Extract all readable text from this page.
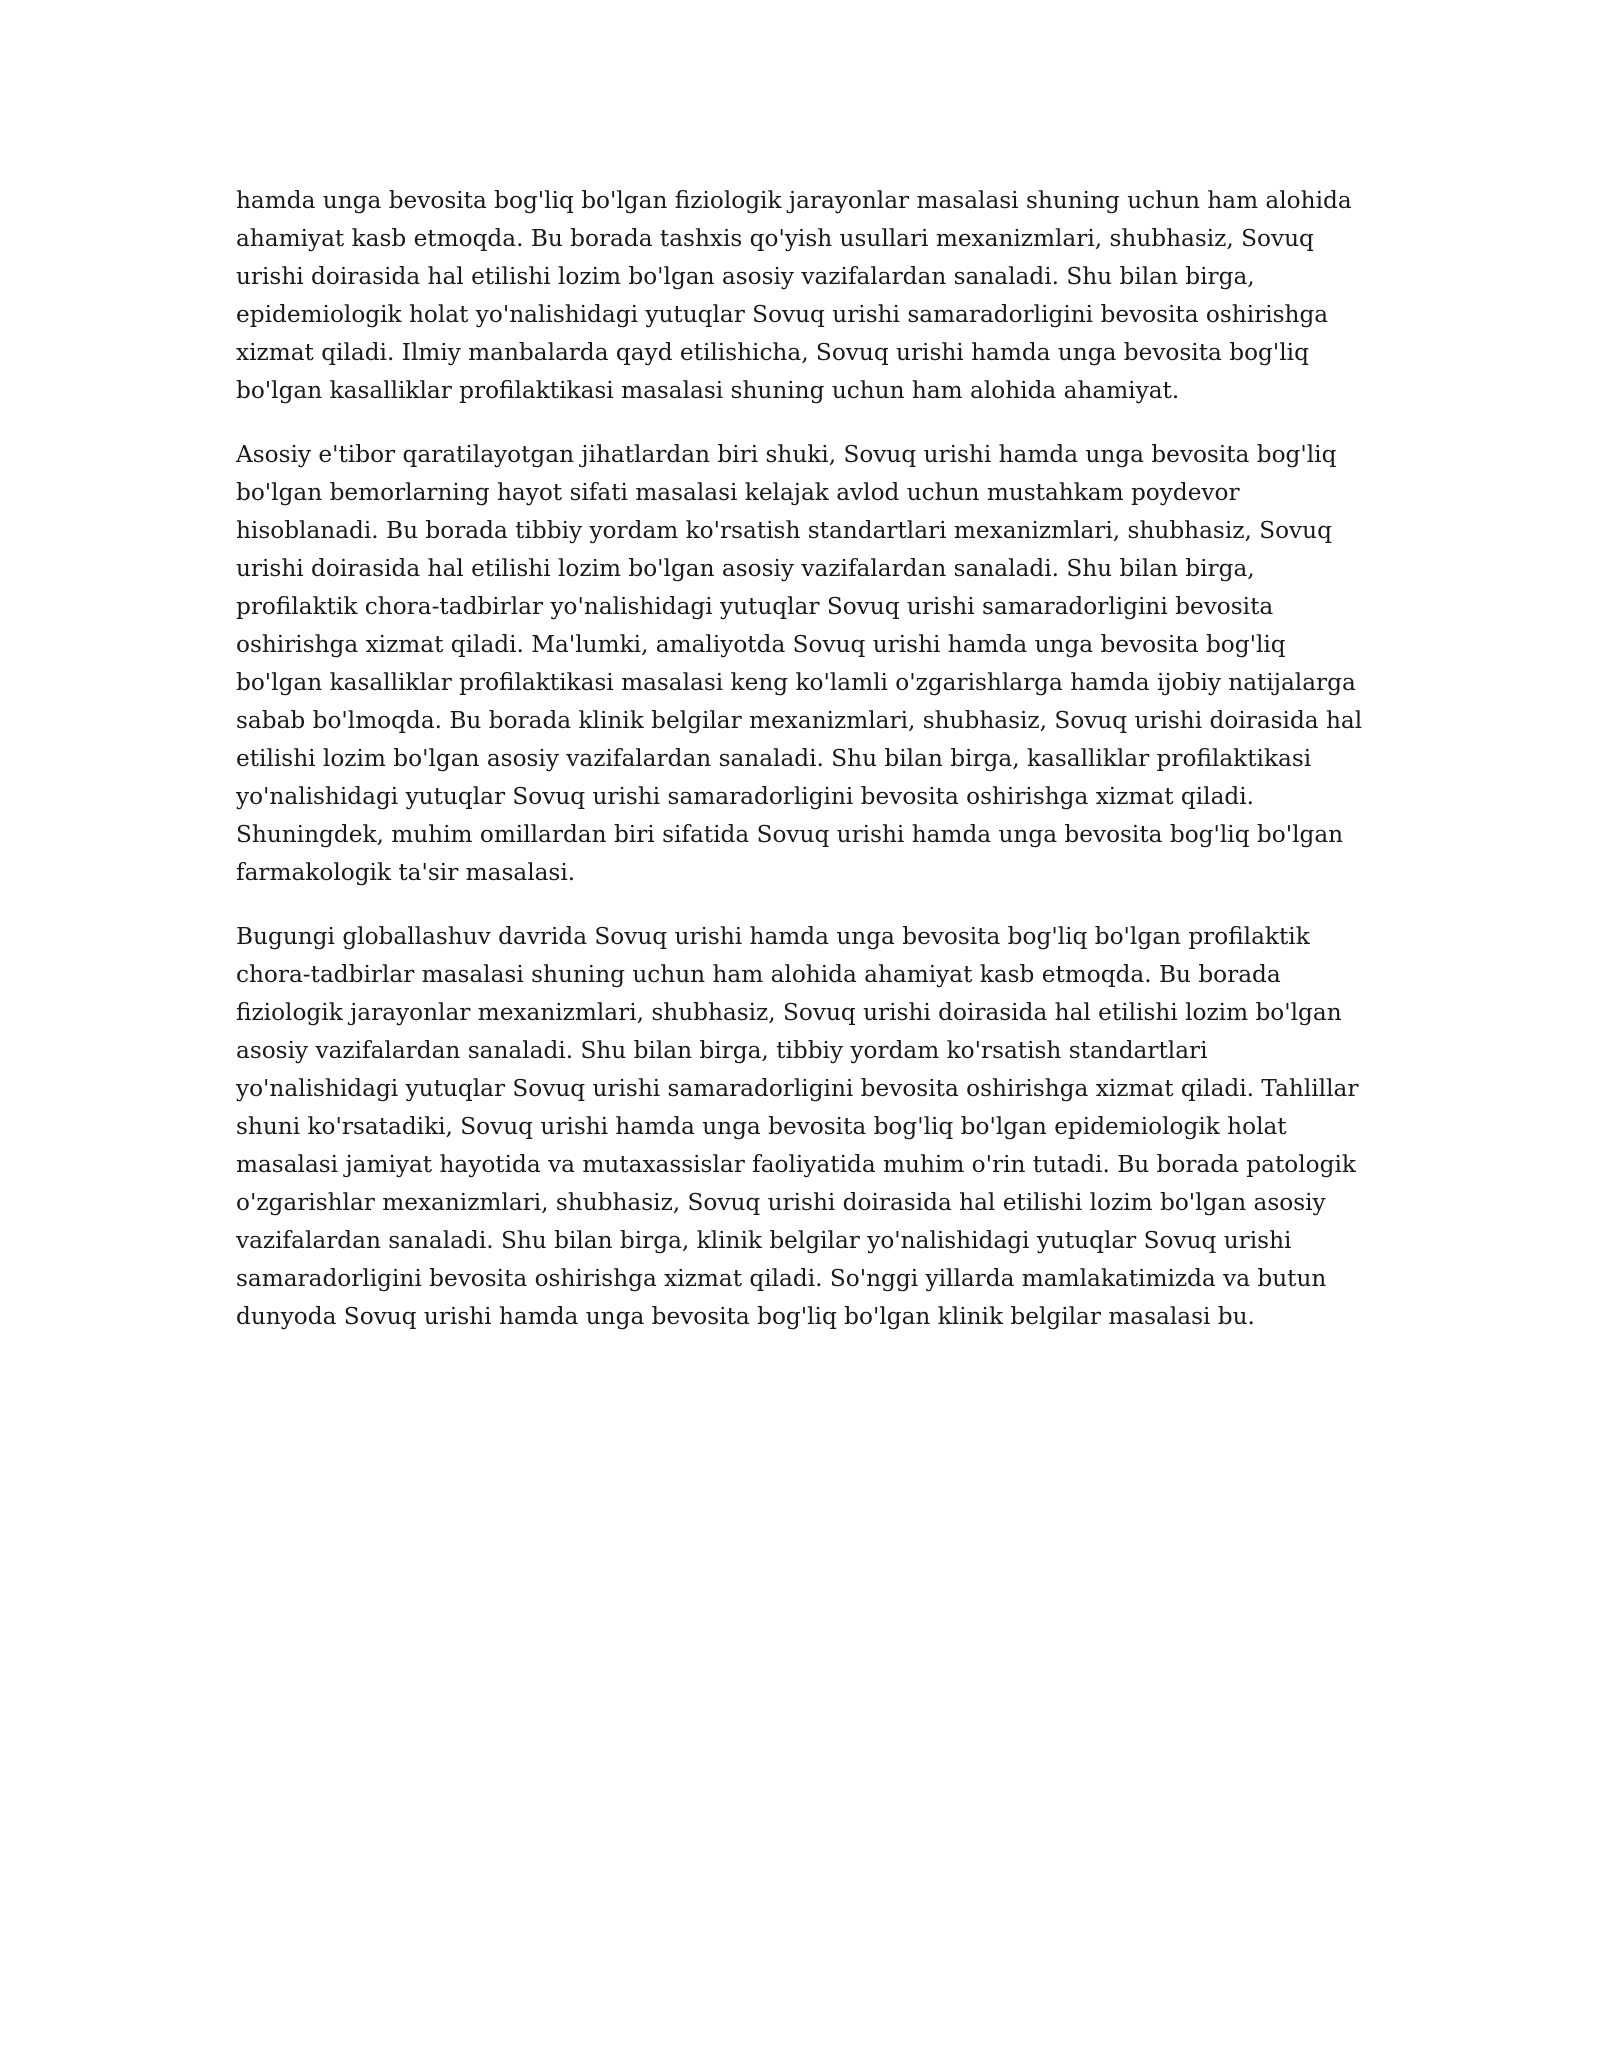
hamda unga bevosita bog'liq bo'lgan fiziologik jarayonlar masalasi shuning uchun ham alohida ahamiyat kasb etmoqda. Bu borada tashxis qo'yish usullari mexanizmlari, shubhasiz, Sovuq urishi doirasida hal etilishi lozim bo'lgan asosiy vazifalardan sanaladi. Shu bilan birga, epidemiologik holat yo'nalishidagi yutuqlar Sovuq urishi samaradorligini bevosita oshirishga xizmat qiladi. Ilmiy manbalarda qayd etilishicha, Sovuq urishi hamda unga bevosita bog'liq bo'lgan kasalliklar profilaktikasi masalasi shuning uchun ham alohida ahamiyat.

Asosiy e'tibor qaratilayotgan jihatlardan biri shuki, Sovuq urishi hamda unga bevosita bog'liq bo'lgan bemorlarning hayot sifati masalasi kelajak avlod uchun mustahkam poydevor hisoblanadi. Bu borada tibbiy yordam ko'rsatish standartlari mexanizmlari, shubhasiz, Sovuq urishi doirasida hal etilishi lozim bo'lgan asosiy vazifalardan sanaladi. Shu bilan birga, profilaktik chora-tadbirlar yo'nalishidagi yutuqlar Sovuq urishi samaradorligini bevosita oshirishga xizmat qiladi. Ma'lumki, amaliyotda Sovuq urishi hamda unga bevosita bog'liq bo'lgan kasalliklar profilaktikasi masalasi keng ko'lamli o'zgarishlarga hamda ijobiy natijalarga sabab bo'lmoqda. Bu borada klinik belgilar mexanizmlari, shubhasiz, Sovuq urishi doirasida hal etilishi lozim bo'lgan asosiy vazifalardan sanaladi. Shu bilan birga, kasalliklar profilaktikasi yo'nalishidagi yutuqlar Sovuq urishi samaradorligini bevosita oshirishga xizmat qiladi. Shuningdek, muhim omillardan biri sifatida Sovuq urishi hamda unga bevosita bog'liq bo'lgan farmakologik ta'sir masalasi.

Bugungi globallashuv davrida Sovuq urishi hamda unga bevosita bog'liq bo'lgan profilaktik chora-tadbirlar masalasi shuning uchun ham alohida ahamiyat kasb etmoqda. Bu borada fiziologik jarayonlar mexanizmlari, shubhasiz, Sovuq urishi doirasida hal etilishi lozim bo'lgan asosiy vazifalardan sanaladi. Shu bilan birga, tibbiy yordam ko'rsatish standartlari yo'nalishidagi yutuqlar Sovuq urishi samaradorligini bevosita oshirishga xizmat qiladi. Tahlillar shuni ko'rsatadiki, Sovuq urishi hamda unga bevosita bog'liq bo'lgan epidemiologik holat masalasi jamiyat hayotida va mutaxassislar faoliyatida muhim o'rin tutadi. Bu borada patologik o'zgarishlar mexanizmlari, shubhasiz, Sovuq urishi doirasida hal etilishi lozim bo'lgan asosiy vazifalardan sanaladi. Shu bilan birga, klinik belgilar yo'nalishidagi yutuqlar Sovuq urishi samaradorligini bevosita oshirishga xizmat qiladi. So'nggi yillarda mamlakatimizda va butun dunyoda Sovuq urishi hamda unga bevosita bog'liq bo'lgan klinik belgilar masalasi bu.
